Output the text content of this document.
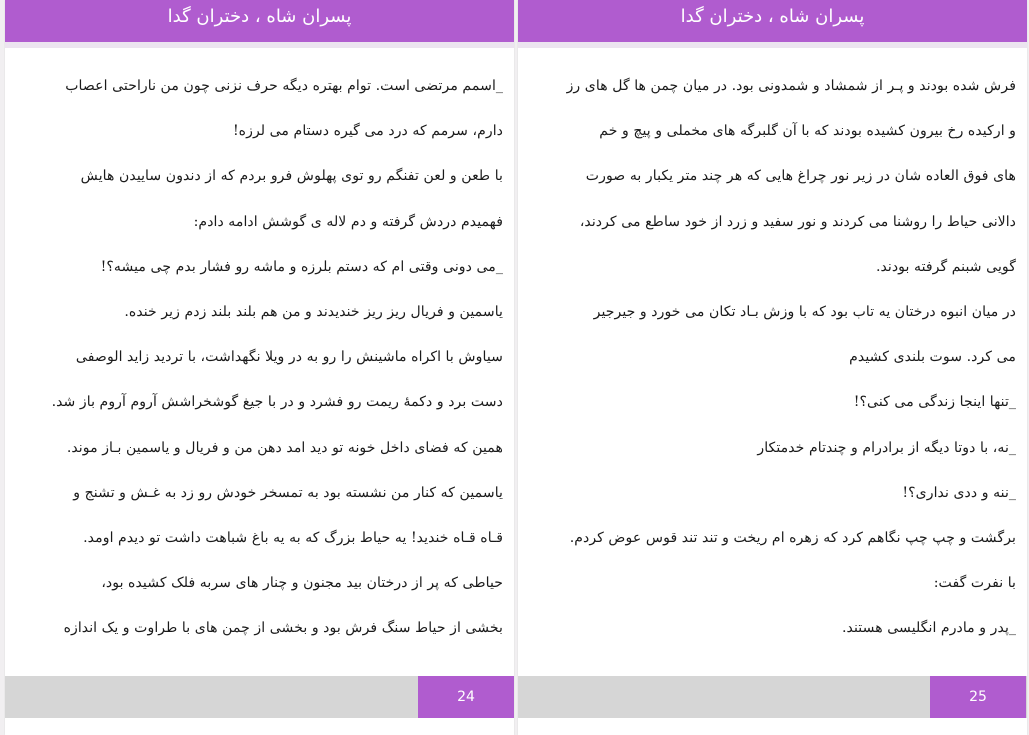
پسران شاه ، دختران گدا
_اسمم مرتضی است. توام بهتره دیگه حرف نزنی چون من ناراحتی اعصاب
دارم، سرمم که درد می گیره دستام می لرزه!
با طعن و لعن تفنگم رو توی پهلوش فرو بردم که از دندون ساییدن هایش
فهمیدم دردش گرفته و دم لاله ی گوشش ادامه دادم:
_می دونی وقتی ام که دستم بلرزه و ماشه رو فشار بدم چی میشه؟!
یاسمین و فریال ریز ریز خندیدند و من هم بلند بلند زدم زیر خنده.
سیاوش با اکراه ماشینش را رو به در ویلا نگهداشت، با تردید زاید الوصفی
دست برد و دکمۀ ریمت رو فشرد و در با جیغ گوشخراشش آروم آروم باز شد.
همین که فضای داخل خونه تو دید امد دهن من و فریال و یاسمین بـاز موند.
یاسمین که کنار من نشسته بود به تمسخر خودش رو زد به غـش و تشنج و
قـاه قـاه خندید! یه حیاط بزرگ که به یه باغ شباهت داشت تو دیدم اومد.
حیاطی که پر از درختان بید مجنون و چنار های سربه فلک کشیده بود،
بخشی از حیاط سنگ فرش بود و بخشی از چمن های با طراوت و یک اندازه
24
پسران شاه ، دختران گدا
فرش شده بودند و پـر از شمشاد و شمدونی بود. در میان چمن ها گل های رز
و ارکیده رخ بیرون کشیده بودند که با آن گلبرگه های مخملی و پیچ و خم
های فوق العاده شان در زیر نور چراغ هایی که هر چند متر یکبار به صورت
دالانی حیاط را روشنا می کردند و نور سفید و زرد از خود ساطع می کردند،
گویی شبنم گرفته بودند.
در میان انبوه درختان یه تاب بود که با وزش بـاد تکان می خورد و جیرجیر
می کرد. سوت بلندی کشیدم
_تنها اینجا زندگی می کنی؟!
_نه، با دوتا دیگه از برادرام و چندتام خدمتکار
_ننه و ددی نداری؟!
برگشت و چپ چپ نگاهم کرد که زهره ام ریخت و تند تند قوس عوض کردم.
با نفرت گفت:
_پدر و مادرم انگلیسی هستند.
25
